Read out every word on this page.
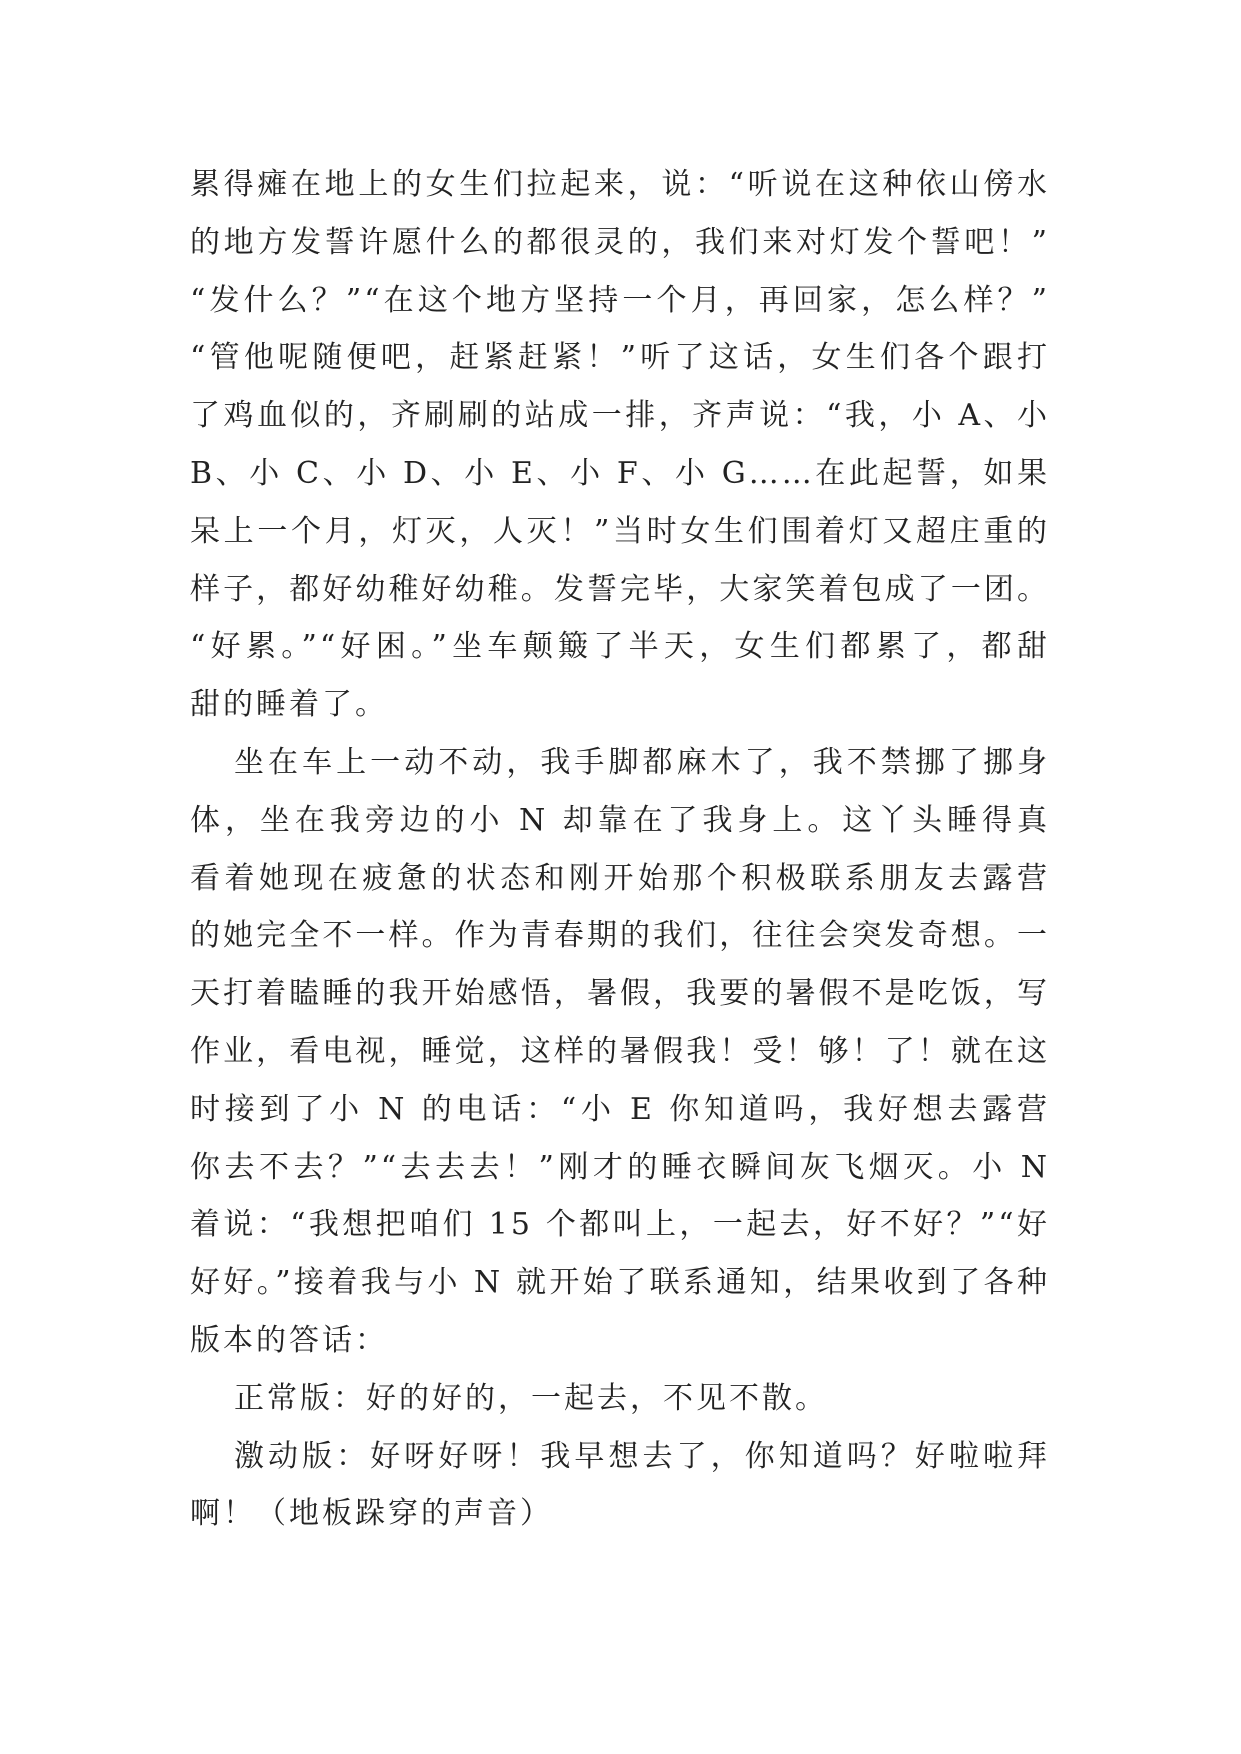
累得瘫在地上的女生们拉起来，说：“听说在这种依山傍水
的地方发誓许愿什么的都很灵的，我们来对灯发个誓吧！”
“发什么？”“在这个地方坚持一个月，再回家，怎么样？”
“管他呢随便吧，赶紧赶紧！”听了这话，女生们各个跟打
了鸡血似的，齐刷刷的站成一排，齐声说：“我，小 A、小
B、小 C、小 D、小 E、小 F、小 G……在此起誓，如果
呆上一个月，灯灭，人灭！”当时女生们围着灯又超庄重的
样子，都好幼稚好幼稚。发誓完毕，大家笑着包成了一团。
“好累。”“好困。”坐车颠簸了半天，女生们都累了，都甜
甜的睡着了。
坐在车上一动不动，我手脚都麻木了，我不禁挪了挪身
体，坐在我旁边的小 N 却靠在了我身上。这丫头睡得真
看着她现在疲惫的状态和刚开始那个积极联系朋友去露营
的她完全不一样。作为青春期的我们，往往会突发奇想。一
天打着瞌睡的我开始感悟，暑假，我要的暑假不是吃饭，写
作业，看电视，睡觉，这样的暑假我！受！够！了！就在这
时接到了小 N 的电话：“小 E 你知道吗，我好想去露营
你去不去？”“去去去！”刚才的睡衣瞬间灰飞烟灭。小 N
着说：“我想把咱们 15 个都叫上，一起去，好不好？”“好
好好。”接着我与小 N 就开始了联系通知，结果收到了各种
版本的答话：
正常版：好的好的，一起去，不见不散。
激动版：好呀好呀！我早想去了，你知道吗？好啦啦拜
啊！（地板跺穿的声音）
